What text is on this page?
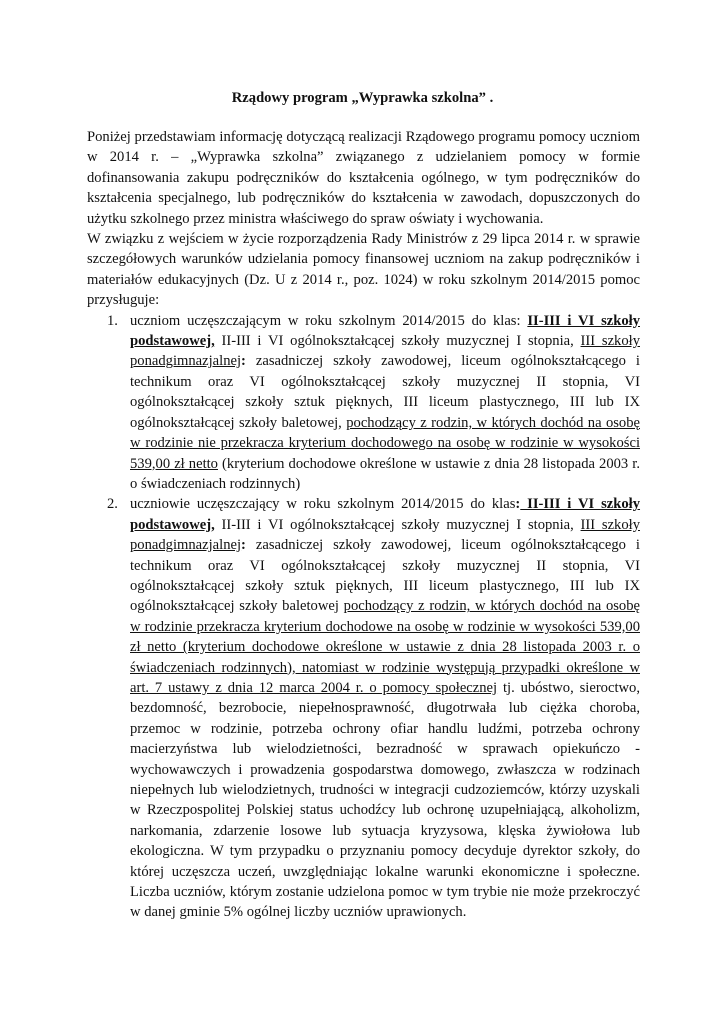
Rządowy program „Wyprawka szkolna” .

Poniżej przedstawiam informację dotyczącą realizacji Rządowego programu pomocy uczniom w 2014 r. – „Wyprawka szkolna” związanego z udzielaniem pomocy w formie dofinansowania zakupu podręczników do kształcenia ogólnego, w tym podręczników do kształcenia specjalnego, lub podręczników do kształcenia w zawodach, dopuszczonych do użytku szkolnego przez ministra właściwego do spraw oświaty i wychowania.

W związku z wejściem w życie rozporządzenia Rady Ministrów z 29 lipca 2014 r. w sprawie szczegółowych warunków udzielania pomocy finansowej uczniom na zakup podręczników i materiałów edukacyjnych (Dz. U z 2014 r., poz. 1024) w roku szkolnym 2014/2015 pomoc przysługuje:

1. uczniom uczęszczającym w roku szkolnym 2014/2015 do klas: II-III i VI szkoły podstawowej, II-III i VI ogólnokształcącej szkoły muzycznej I stopnia, III szkoły ponadgimnazjalnej: zasadniczej szkoły zawodowej, liceum ogólnokształcącego i technikum oraz VI ogólnokształcącej szkoły muzycznej II stopnia, VI ogólnokształcącej szkoły sztuk pięknych, III liceum plastycznego, III lub IX ogólnokształcącej szkoły baletowej, pochodzący z rodzin, w których dochód na osobę w rodzinie nie przekracza kryterium dochodowego na osobę w rodzinie w wysokości 539,00 zł netto (kryterium dochodowe określone w ustawie z dnia 28 listopada 2003 r. o świadczeniach rodzinnych)
2. uczniowie uczęszczający w roku szkolnym 2014/2015 do klas: II-III i VI szkoły podstawowej, II-III i VI ogólnokształcącej szkoły muzycznej I stopnia, III szkoły ponadgimnazjalnej: zasadniczej szkoły zawodowej, liceum ogólnokształcącego i technikum oraz VI ogólnokształcącej szkoły muzycznej II stopnia, VI ogólnokształcącej szkoły sztuk pięknych, III liceum plastycznego, III lub IX ogólnokształcącej szkoły baletowej pochodzący z rodzin, w których dochód na osobę w rodzinie przekracza kryterium dochodowe na osobę w rodzinie w wysokości 539,00 zł netto (kryterium dochodowe określone w ustawie z dnia 28 listopada 2003 r. o świadczeniach rodzinnych), natomiast w rodzinie występują przypadki określone w art. 7 ustawy z dnia 12 marca 2004 r. o pomocy społecznej tj. ubóstwo, sieroctwo, bezdomność, bezrobocie, niepełnosprawność, długotrwała lub ciężka choroba, przemoc w rodzinie, potrzeba ochrony ofiar handlu ludźmi, potrzeba ochrony macierzyństwa lub wielodzietności, bezradność w sprawach opiekuńczo - wychowawczych i prowadzenia gospodarstwa domowego, zwłaszcza w rodzinach niepełnych lub wielodzietnych, trudności w integracji cudzoziemców, którzy uzyskali w Rzeczpospolitej Polskiej status uchodźcy lub ochronę uzupełniającą, alkoholizm, narkomania, zdarzenie losowe lub sytuacja kryzysowa, klęska żywiołowa lub ekologiczna. W tym przypadku o przyznaniu pomocy decyduje dyrektor szkoły, do której uczęszcza uczeń, uwzględniając lokalne warunki ekonomiczne i społeczne. Liczba uczniów, którym zostanie udzielona pomoc w tym trybie nie może przekroczyć w danej gminie 5% ogólnej liczby uczniów uprawionych.
